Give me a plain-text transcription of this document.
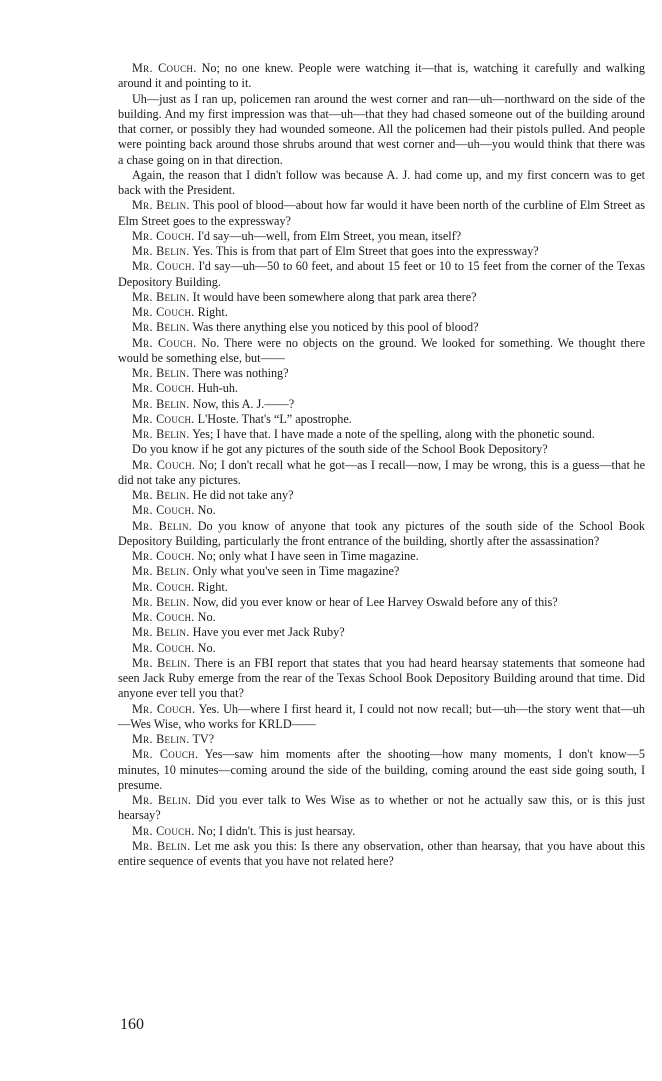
Mr. Couch. No; no one knew. People were watching it—that is, watching it carefully and walking around it and pointing to it.

Uh—just as I ran up, policemen ran around the west corner and ran—uh—northward on the side of the building. And my first impression was that—uh—that they had chased someone out of the building around that corner, or possibly they had wounded someone. All the policemen had their pistols pulled. And people were pointing back around those shrubs around that west corner and—uh—you would think that there was a chase going on in that direction.

Again, the reason that I didn't follow was because A. J. had come up, and my first concern was to get back with the President.

Mr. Belin. This pool of blood—about how far would it have been north of the curbline of Elm Street as Elm Street goes to the expressway?

Mr. Couch. I'd say—uh—well, from Elm Street, you mean, itself?

Mr. Belin. Yes. This is from that part of Elm Street that goes into the expressway?

Mr. Couch. I'd say—uh—50 to 60 feet, and about 15 feet or 10 to 15 feet from the corner of the Texas Depository Building.

Mr. Belin. It would have been somewhere along that park area there?

Mr. Couch. Right.

Mr. Belin. Was there anything else you noticed by this pool of blood?

Mr. Couch. No. There were no objects on the ground. We looked for something. We thought there would be something else, but——

Mr. Belin. There was nothing?

Mr. Couch. Huh-uh.

Mr. Belin. Now, this A. J.——?

Mr. Couch. L'Hoste. That's “L” apostrophe.

Mr. Belin. Yes; I have that. I have made a note of the spelling, along with the phonetic sound.

Do you know if he got any pictures of the south side of the School Book Depository?

Mr. Couch. No; I don't recall what he got—as I recall—now, I may be wrong, this is a guess—that he did not take any pictures.

Mr. Belin. He did not take any?

Mr. Couch. No.

Mr. Belin. Do you know of anyone that took any pictures of the south side of the School Book Depository Building, particularly the front entrance of the building, shortly after the assassination?

Mr. Couch. No; only what I have seen in Time magazine.

Mr. Belin. Only what you've seen in Time magazine?

Mr. Couch. Right.

Mr. Belin. Now, did you ever know or hear of Lee Harvey Oswald before any of this?

Mr. Couch. No.

Mr. Belin. Have you ever met Jack Ruby?

Mr. Couch. No.

Mr. Belin. There is an FBI report that states that you had heard hearsay statements that someone had seen Jack Ruby emerge from the rear of the Texas School Book Depository Building around that time. Did anyone ever tell you that?

Mr. Couch. Yes. Uh—where I first heard it, I could not now recall; but—uh—the story went that—uh—Wes Wise, who works for KRLD——

Mr. Belin. TV?

Mr. Couch. Yes—saw him moments after the shooting—how many moments, I don't know—5 minutes, 10 minutes—coming around the side of the building, coming around the east side going south, I presume.

Mr. Belin. Did you ever talk to Wes Wise as to whether or not he actually saw this, or is this just hearsay?

Mr. Couch. No; I didn't. This is just hearsay.

Mr. Belin. Let me ask you this: Is there any observation, other than hearsay, that you have about this entire sequence of events that you have not related here?

160
